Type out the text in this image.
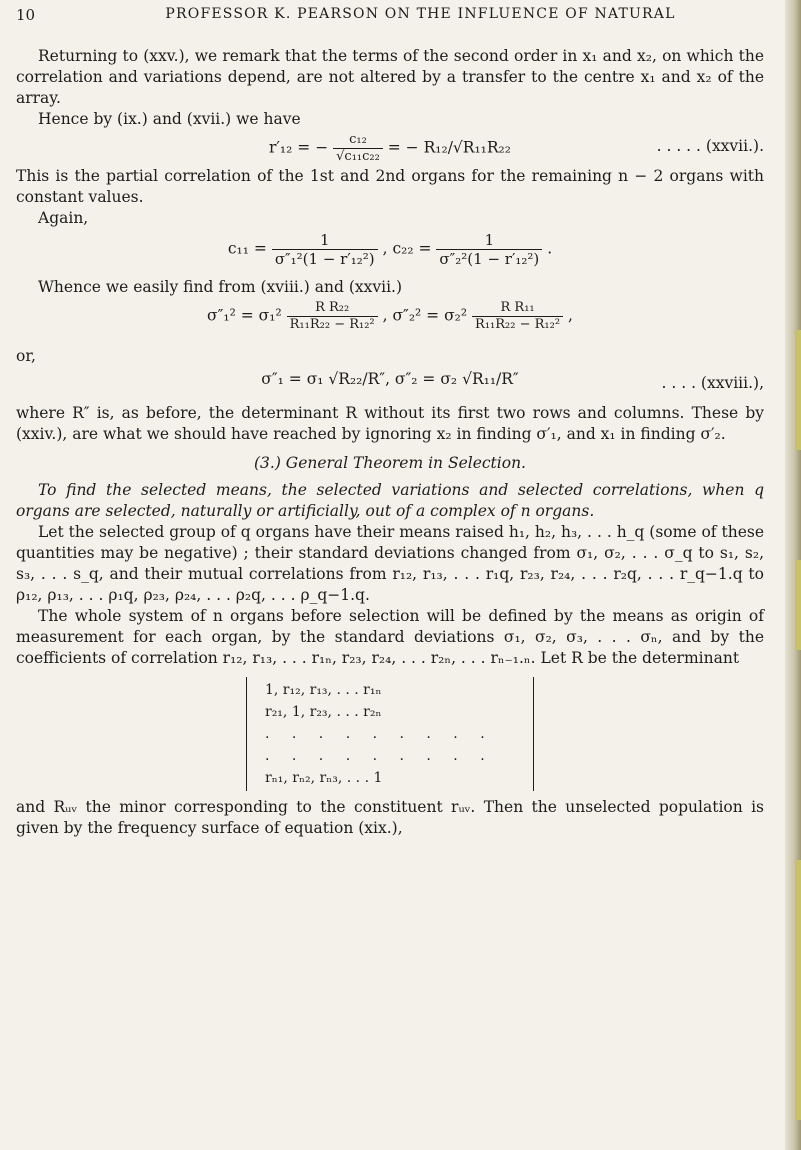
10	PROFESSOR K. PEARSON ON THE INFLUENCE OF NATURAL

Returning to (xxv.), we remark that the terms of the second order in x₁ and x₂, on which the correlation and variations depend, are not altered by a transfer to the centre x₁ and x₂ of the array.

Hence by (ix.) and (xvii.) we have

r′₁₂ = − $\frac{\text{c₁₂}}{\text{√c₁₁c₂₂}}$ = − R₁₂/√R₁₁R₂₂	. . . . . (xxvii.).

This is the partial correlation of the 1st and 2nd organs for the remaining n − 2 organs with constant values.

Again,

$c_{11} = \frac{1}{\text{σ″₁²(1 − r′₁₂²)}}$ , $c_{22} = \frac{1}{\text{σ″₂²(1 − r′₁₂²)}}$ .

Whence we easily find from (xviii.) and (xxvii.)

$\sigma''_1^2 = \sigma_1^2 \frac{\text{R R₂₂}}{\text{R₁₁R₂₂ − R₁₂²}}$ , $\sigma''_2^2 = \sigma_2^2 \frac{\text{R R₁₁}}{\text{R₁₁R₂₂ − R₁₂²}}$ ,

or,

σ″₁ = σ₁ √R₂₂/R″, σ″₂ = σ₂ √R₁₁/R″	. . . . (xxviii.),

where R″ is, as before, the determinant R without its first two rows and columns. These by (xxiv.), are what we should have reached by ignoring x₂ in finding σ′₁, and x₁ in finding σ′₂.

(3.) General Theorem in Selection.

To find the selected means, the selected variations and selected correlations, when q organs are selected, naturally or artificially, out of a complex of n organs.

Let the selected group of q organs have their means raised h₁, h₂, h₃, . . . h_q (some of these quantities may be negative) ; their standard deviations changed from σ₁, σ₂, . . . σ_q to s₁, s₂, s₃, . . . s_q, and their mutual correlations from r₁₂, r₁₃, . . . r₁q, r₂₃, r₂₄, . . . r₂q, . . . r_q−1.q to ρ₁₂, ρ₁₃, . . . ρ₁q, ρ₂₃, ρ₂₄, . . . ρ₂q, . . . ρ_q−1.q.

The whole system of n organs before selection will be defined by the means as origin of measurement for each organ, by the standard deviations σ₁, σ₂, σ₃, . . . σₙ, and by the coefficients of correlation r₁₂, r₁₃, . . . r₁ₙ, r₂₃, r₂₄, . . . r₂ₙ, . . . rₙ₋₁.ₙ. Let R be the determinant

1, r₁₂, r₁₃, . . . r₁ₙ
r₂₁, 1, r₂₃, . . . r₂ₙ
. . . . . . . . .
. . . . . . . . .
rₙ₁, rₙ₂, rₙ₃, . . . 1

and Rᵤᵥ the minor corresponding to the constituent rᵤᵥ. Then the unselected population is given by the frequency surface of equation (xix.),
